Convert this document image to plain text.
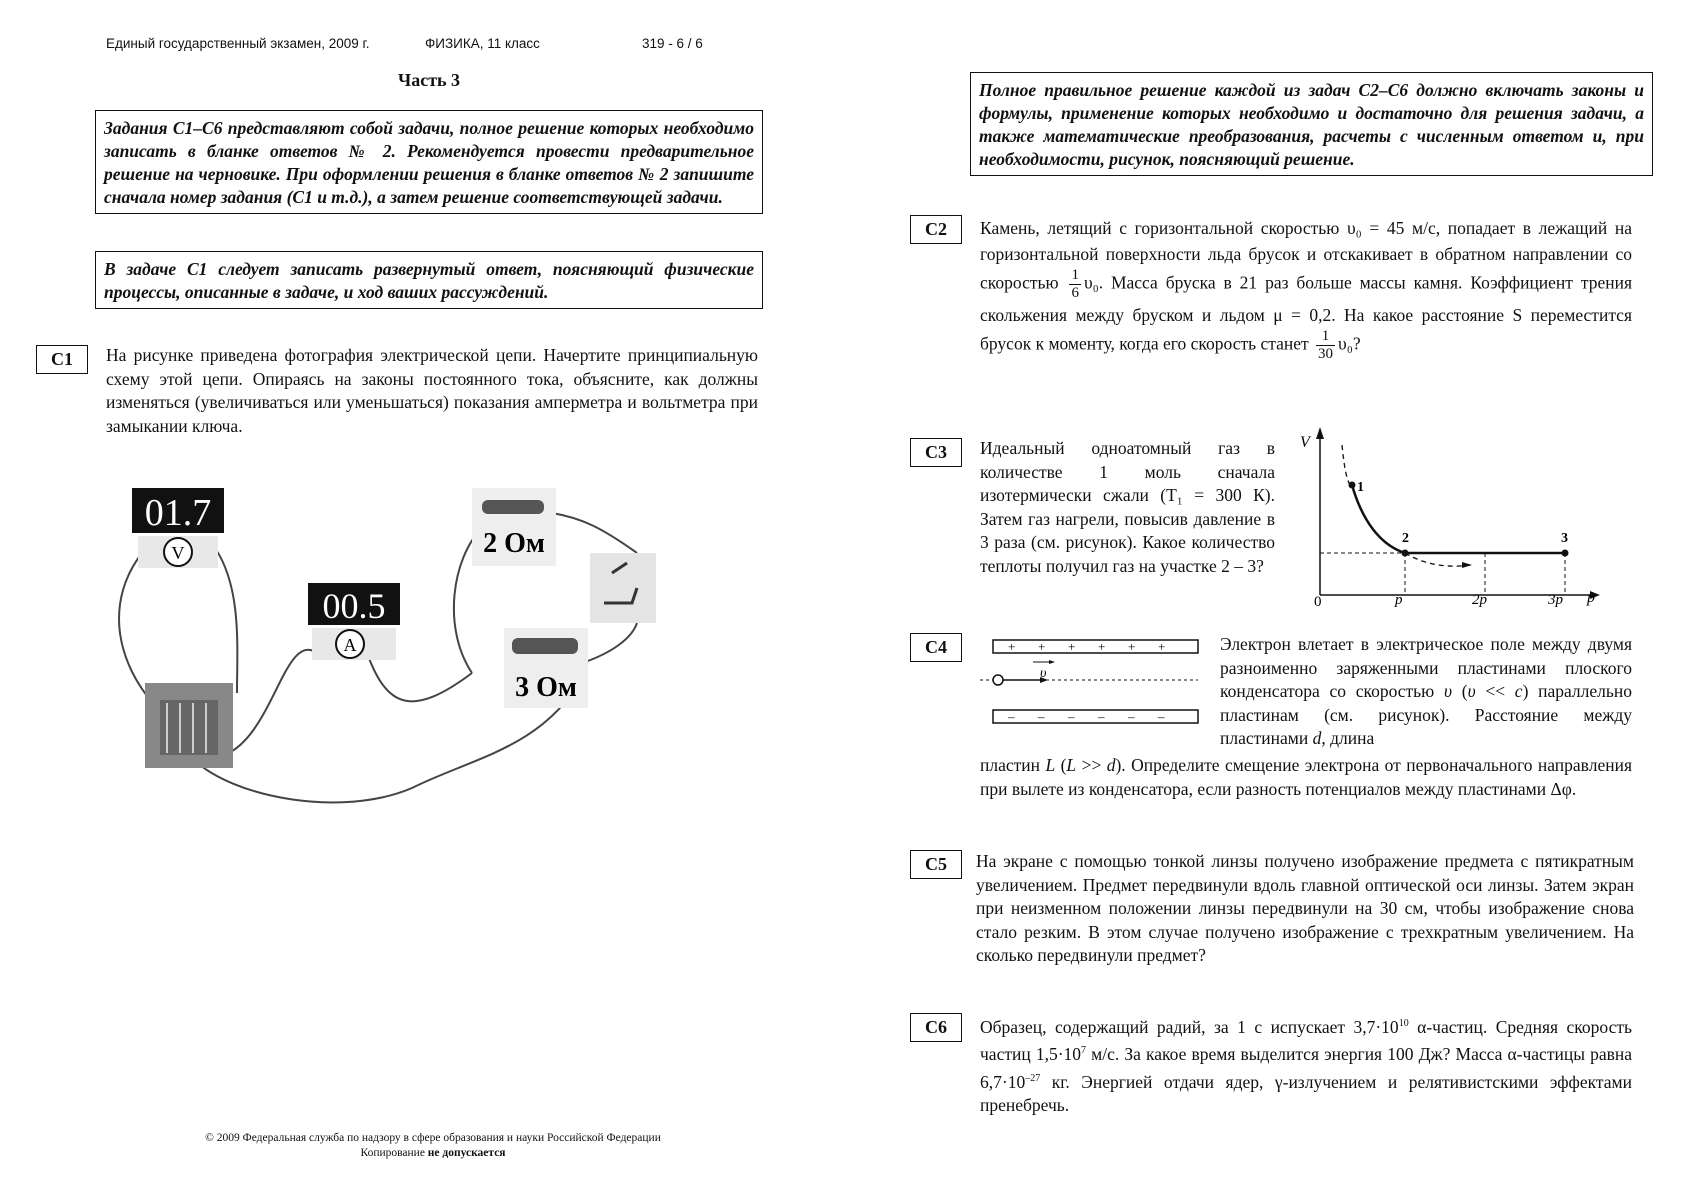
Единый государственный экзамен, 2009 г.	ФИЗИКА, 11 класс	319 - 6 / 6
Часть 3
Задания С1–С6 представляют собой задачи, полное решение которых необходимо записать в бланке ответов № 2. Рекомендуется провести предварительное решение на черновике. При оформлении решения в бланке ответов № 2 запишите сначала номер задания (С1 и т.д.), а затем решение соответствующей задачи.
В задаче С1 следует записать развернутый ответ, поясняющий физические процессы, описанные в задаче, и ход ваших рассуждений.
С1	На рисунке приведена фотография электрической цепи. Начертите принципиальную схему этой цепи. Опираясь на законы постоянного тока, объясните, как должны изменяться (увеличиваться или уменьшаться) показания амперметра и вольтметра при замыкании ключа.
01.7
V
00.5
A
2 Ом
3 Ом
Полное правильное решение каждой из задач С2–С6 должно включать законы и формулы, применение которых необходимо и достаточно для решения задачи, а также математические преобразования, расчеты с численным ответом и, при необходимости, рисунок, поясняющий решение.
С2	Камень, летящий с горизонтальной скоростью υ₀ = 45 м/с, попадает в лежащий на горизонтальной поверхности льда брусок и отскакивает в обратном направлении со скоростью $\frac{1}{6} \upsilon_0$. Масса бруска в 21 раз больше массы камня. Коэффициент трения скольжения между бруском и льдом μ = 0,2. На какое расстояние S переместится брусок к моменту, когда его скорость станет $\frac{1}{30} \upsilon_0$?
С3	Идеальный одноатомный газ в количестве 1 моль сначала изотермически сжали (T₁ = 300 К). Затем газ нагрели, повысив давление в 3 раза (см. рисунок). Какое количество теплоты получил газ на участке 2 – 3?
V
p
0	p	2p	3p
1
2	3
С4	+ + + + + +
– – – – – –
υ
Электрон влетает в электрическое поле между двумя разноименно заряженными пластинами плоского конденсатора со скоростью υ (υ << c) параллельно пластинам (см. рисунок). Расстояние между пластинами d, длина
пластин L (L >> d). Определите смещение электрона от первоначального направления при вылете из конденсатора, если разность потенциалов между пластинами Δφ.
С5	На экране с помощью тонкой линзы получено изображение предмета с пятикратным увеличением. Предмет передвинули вдоль главной оптической оси линзы. Затем экран при неизменном положении линзы передвинули на 30 см, чтобы изображение снова стало резким. В этом случае получено изображение с трехкратным увеличением. На сколько передвинули предмет?
С6	Образец, содержащий радий, за 1 с испускает $3,7\cdot 10^{10}$ α-частиц. Средняя скорость частиц $1,5\cdot 10^7$ м/с. За какое время выделится энергия 100 Дж? Масса α-частицы равна $6,7\cdot 10^{-27}$ кг. Энергией отдачи ядер, γ-излучением и релятивистскими эффектами пренебречь.
© 2009 Федеральная служба по надзору в сфере образования и науки Российской Федерации
Копирование не допускается
